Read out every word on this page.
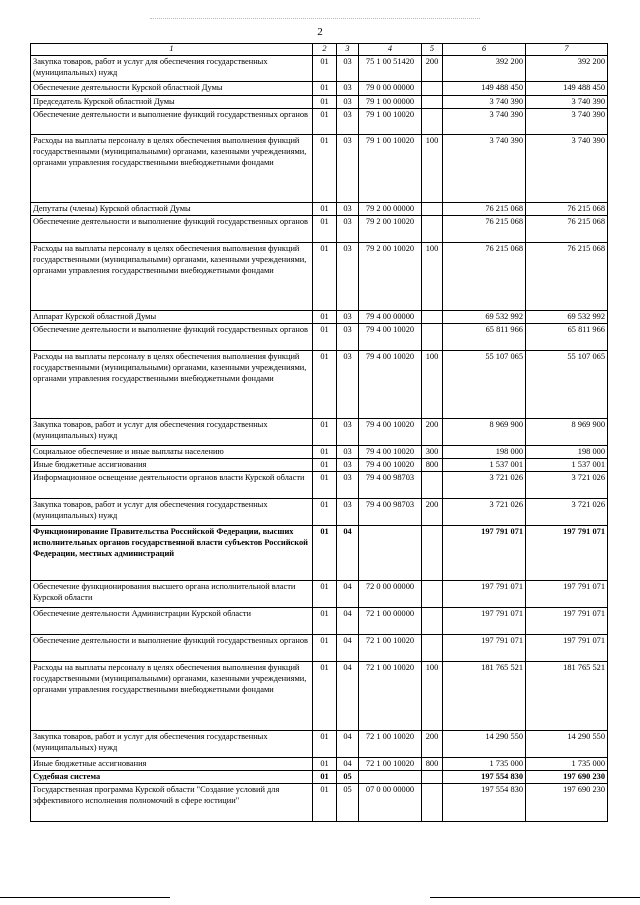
2
1	2	3	4	5	6	7
Закупка товаров, работ и услуг для обеспечения государственных (муниципальных) нужд	01	03	75 1 00 51420	200	392 200	392 200
Обеспечение деятельности Курской областной Думы	01	03	79 0 00 00000		149 488 450	149 488 450
Председатель Курской областной Думы	01	03	79 1 00 00000		3 740 390	3 740 390
Обеспечение деятельности и выполнение функций государственных органов	01	03	79 1 00 10020		3 740 390	3 740 390
Расходы на выплаты персоналу в целях обеспечения выполнения функций государственными (муниципальными) органами, казенными учреждениями, органами управления государственными внебюджетными фондами	01	03	79 1 00 10020	100	3 740 390	3 740 390
Депутаты (члены) Курской областной Думы	01	03	79 2 00 00000		76 215 068	76 215 068
Обеспечение деятельности и выполнение функций государственных органов	01	03	79 2 00 10020		76 215 068	76 215 068
Расходы на выплаты персоналу в целях обеспечения выполнения функций государственными (муниципальными) органами, казенными учреждениями, органами управления государственными внебюджетными фондами	01	03	79 2 00 10020	100	76 215 068	76 215 068
Аппарат Курской областной Думы	01	03	79 4 00 00000		69 532 992	69 532 992
Обеспечение деятельности и выполнение функций государственных органов	01	03	79 4 00 10020		65 811 966	65 811 966
Расходы на выплаты персоналу в целях обеспечения выполнения функций государственными (муниципальными) органами, казенными учреждениями, органами управления государственными внебюджетными фондами	01	03	79 4 00 10020	100	55 107 065	55 107 065
Закупка товаров, работ и услуг для обеспечения государственных (муниципальных) нужд	01	03	79 4 00 10020	200	8 969 900	8 969 900
Социальное обеспечение и иные выплаты населению	01	03	79 4 00 10020	300	198 000	198 000
Иные бюджетные ассигнования	01	03	79 4 00 10020	800	1 537 001	1 537 001
Информационное освещение деятельности органов власти Курской области	01	03	79 4 00 98703		3 721 026	3 721 026
Закупка товаров, работ и услуг для обеспечения государственных (муниципальных) нужд	01	03	79 4 00 98703	200	3 721 026	3 721 026
Функционирование Правительства Российской Федерации, высших исполнительных органов государственной власти субъектов Российской Федерации, местных администраций	01	04			197 791 071	197 791 071
Обеспечение функционирования высшего органа исполнительной власти Курской области	01	04	72 0 00 00000		197 791 071	197 791 071
Обеспечение деятельности Администрации Курской области	01	04	72 1 00 00000		197 791 071	197 791 071
Обеспечение деятельности и выполнение функций государственных органов	01	04	72 1 00 10020		197 791 071	197 791 071
Расходы на выплаты персоналу в целях обеспечения выполнения функций государственными (муниципальными) органами, казенными учреждениями, органами управления государственными внебюджетными фондами	01	04	72 1 00 10020	100	181 765 521	181 765 521
Закупка товаров, работ и услуг для обеспечения государственных (муниципальных) нужд	01	04	72 1 00 10020	200	14 290 550	14 290 550
Иные бюджетные ассигнования	01	04	72 1 00 10020	800	1 735 000	1 735 000
Судебная система	01	05			197 554 830	197 690 230
Государственная программа Курской области "Создание условий для эффективного исполнения полномочий в сфере юстиции"	01	05	07 0 00 00000		197 554 830	197 690 230
